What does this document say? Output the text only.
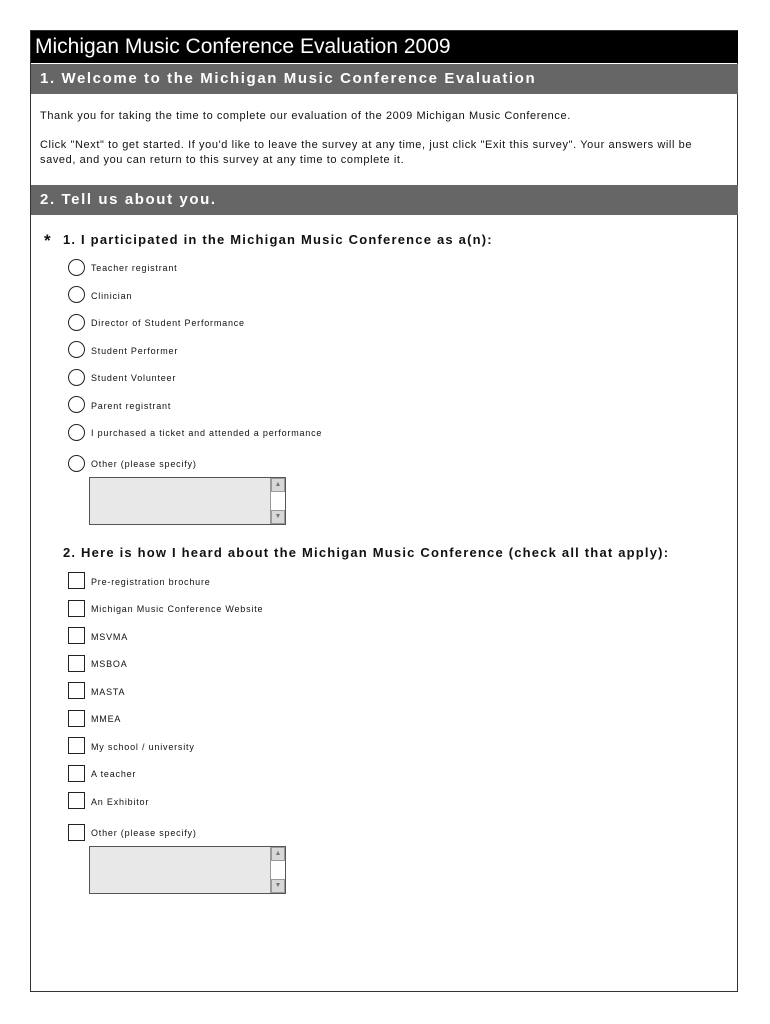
Michigan Music Conference Evaluation 2009
1. Welcome to the Michigan Music Conference Evaluation
Thank you for taking the time to complete our evaluation of the 2009 Michigan Music Conference.
Click "Next" to get started. If you'd like to leave the survey at any time, just click "Exit this survey". Your answers will be saved, and you can return to this survey at any time to complete it.
2. Tell us about you.
* 1. I participated in the Michigan Music Conference as a(n):
Teacher registrant
Clinician
Director of Student Performance
Student Performer
Student Volunteer
Parent registrant
I purchased a ticket and attended a performance
Other (please specify)
▲
▼
2. Here is how I heard about the Michigan Music Conference (check all that apply):
Pre-registration brochure
Michigan Music Conference Website
MSVMA
MSBOA
MASTA
MMEA
My school / university
A teacher
An Exhibitor
Other (please specify)
▲
▼
